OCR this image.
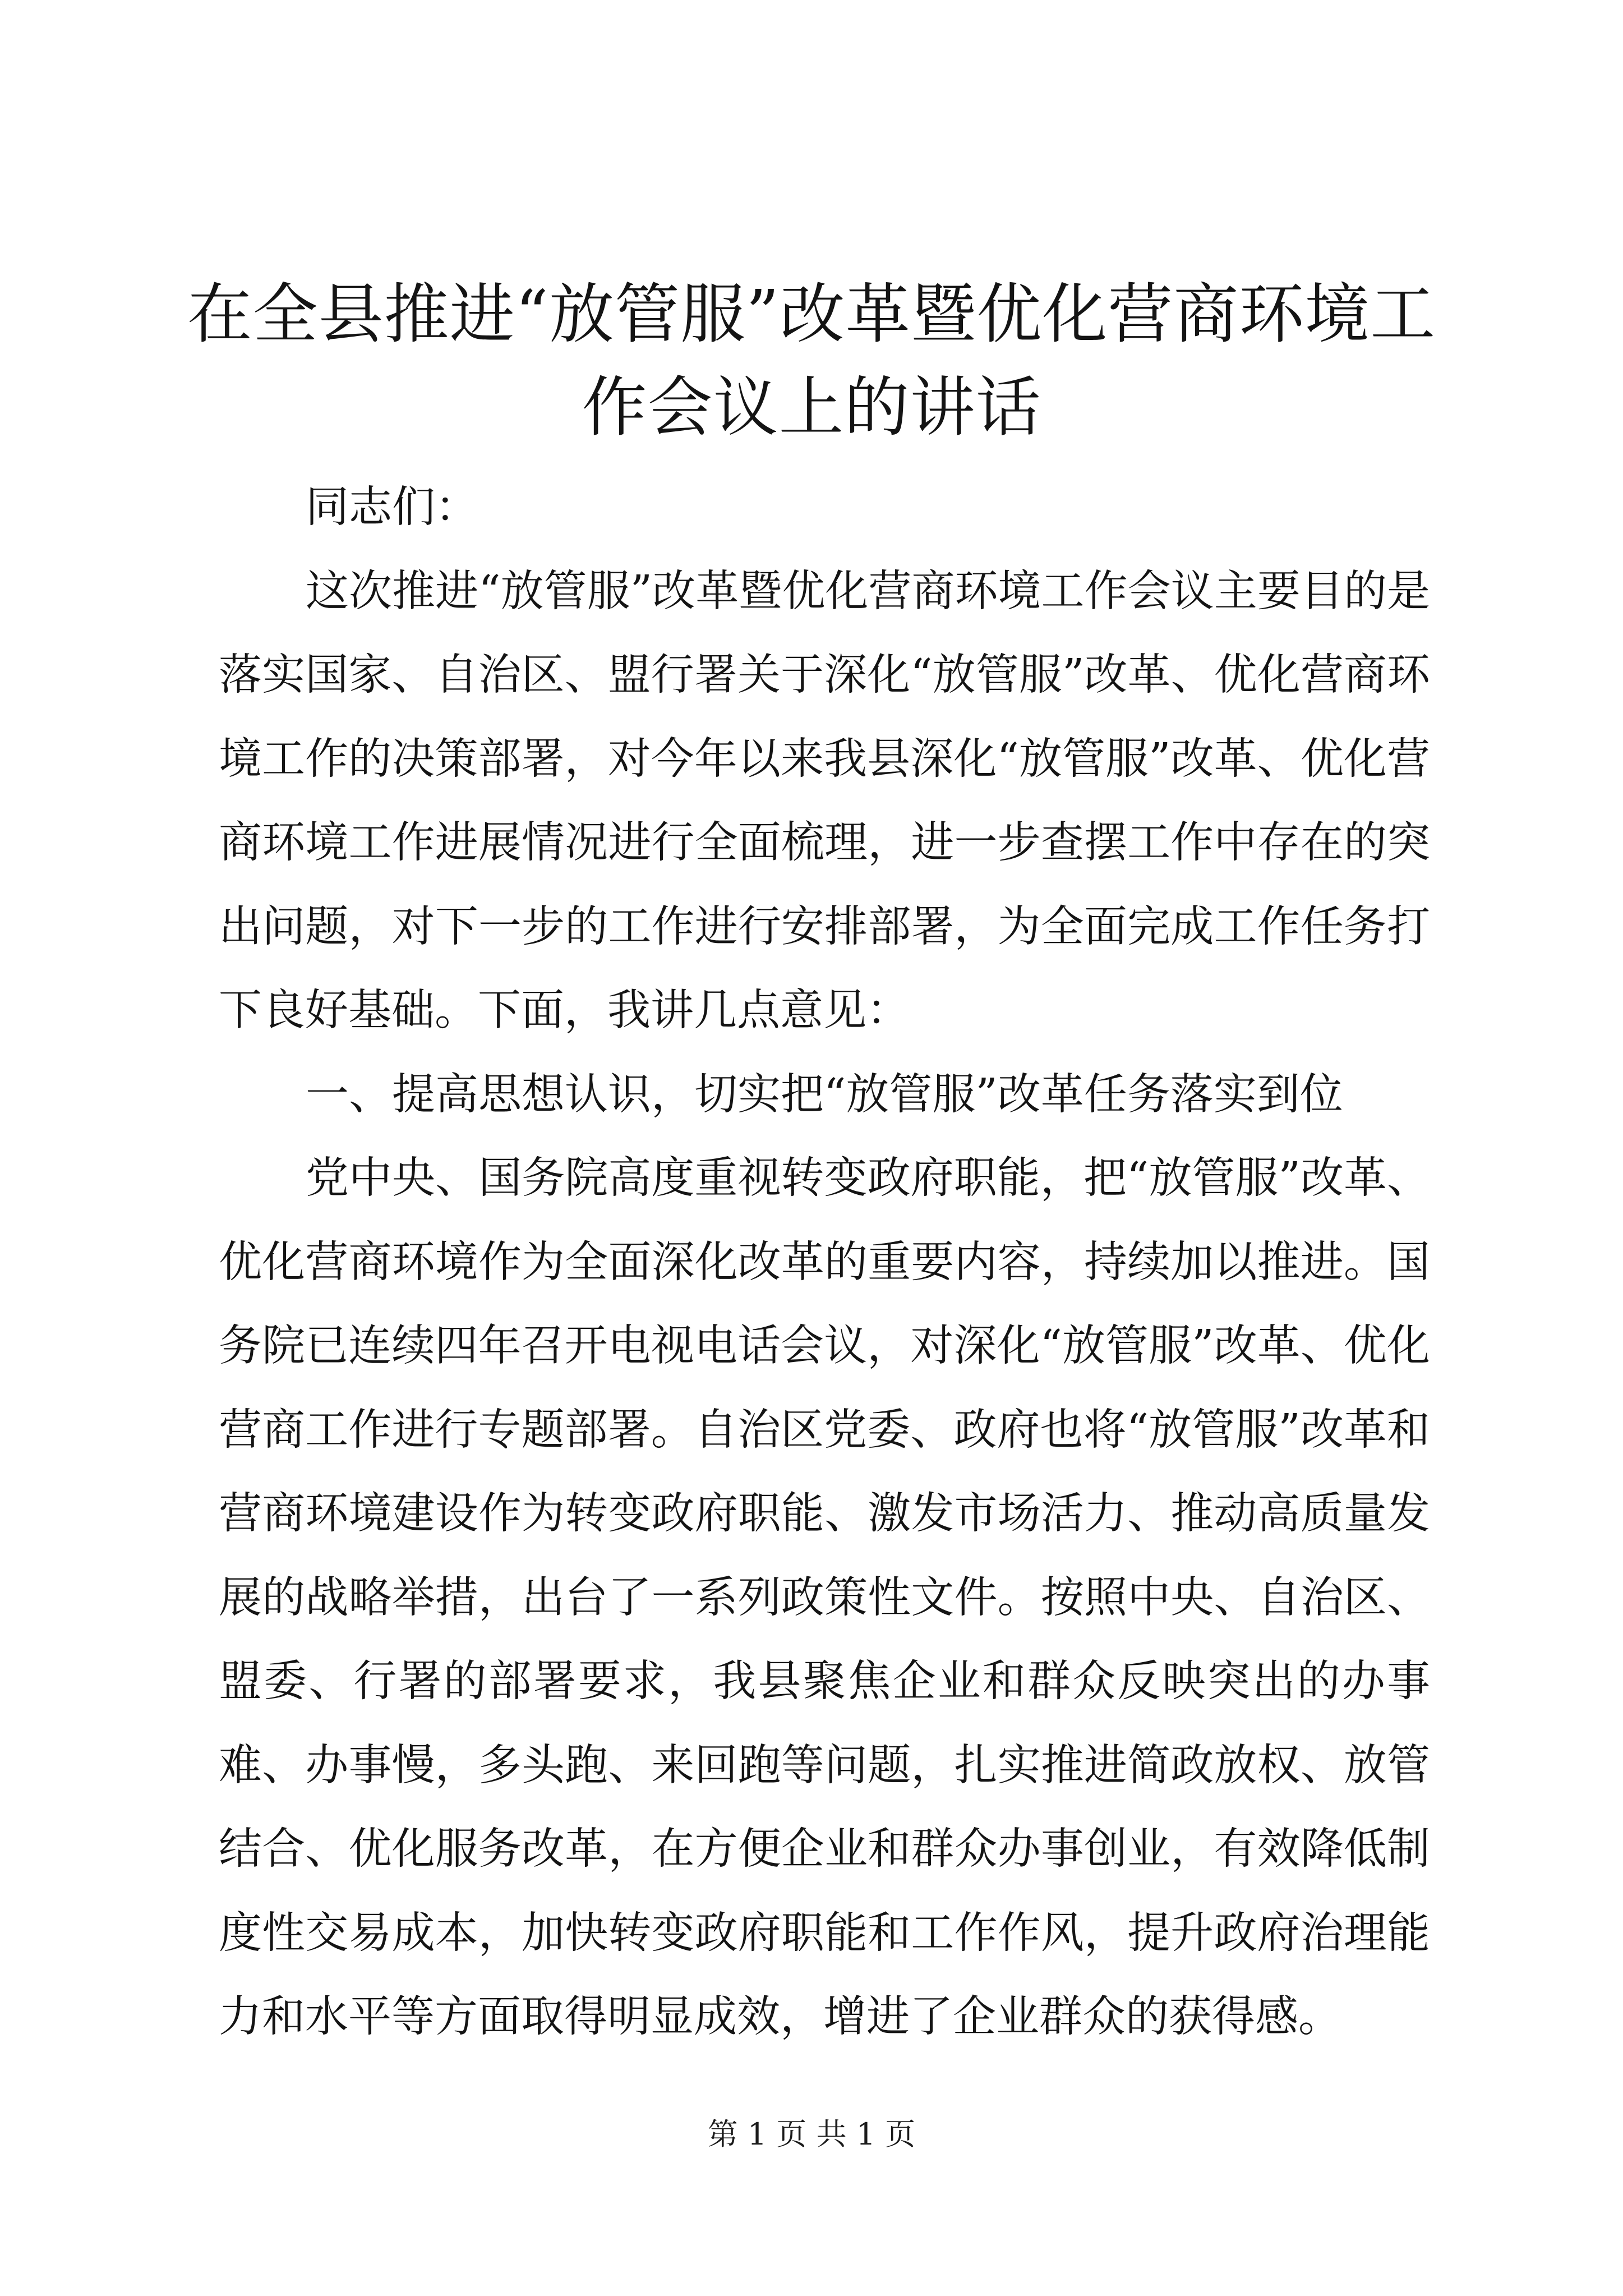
在全县推进“放管服”改革暨优化营商环境工
作会议上的讲话

同志们：

这次推进“放管服”改革暨优化营商环境工作会议主要目的是落实国家、自治区、盟行署关于深化“放管服”改革、优化营商环境工作的决策部署，对今年以来我县深化“放管服”改革、优化营商环境工作进展情况进行全面梳理，进一步查摆工作中存在的突出问题，对下一步的工作进行安排部署，为全面完成工作任务打下良好基础。下面，我讲几点意见：

一、提高思想认识，切实把“放管服”改革任务落实到位

党中央、国务院高度重视转变政府职能，把“放管服”改革、优化营商环境作为全面深化改革的重要内容，持续加以推进。国务院已连续四年召开电视电话会议，对深化“放管服”改革、优化营商工作进行专题部署。自治区党委、政府也将“放管服”改革和营商环境建设作为转变政府职能、激发市场活力、推动高质量发展的战略举措，出台了一系列政策性文件。按照中央、自治区、盟委、行署的部署要求，我县聚焦企业和群众反映突出的办事难、办事慢，多头跑、来回跑等问题，扎实推进简政放权、放管结合、优化服务改革，在方便企业和群众办事创业，有效降低制度性交易成本，加快转变政府职能和工作作风，提升政府治理能力和水平等方面取得明显成效，增进了企业群众的获得感。

第 1 页 共 1 页
